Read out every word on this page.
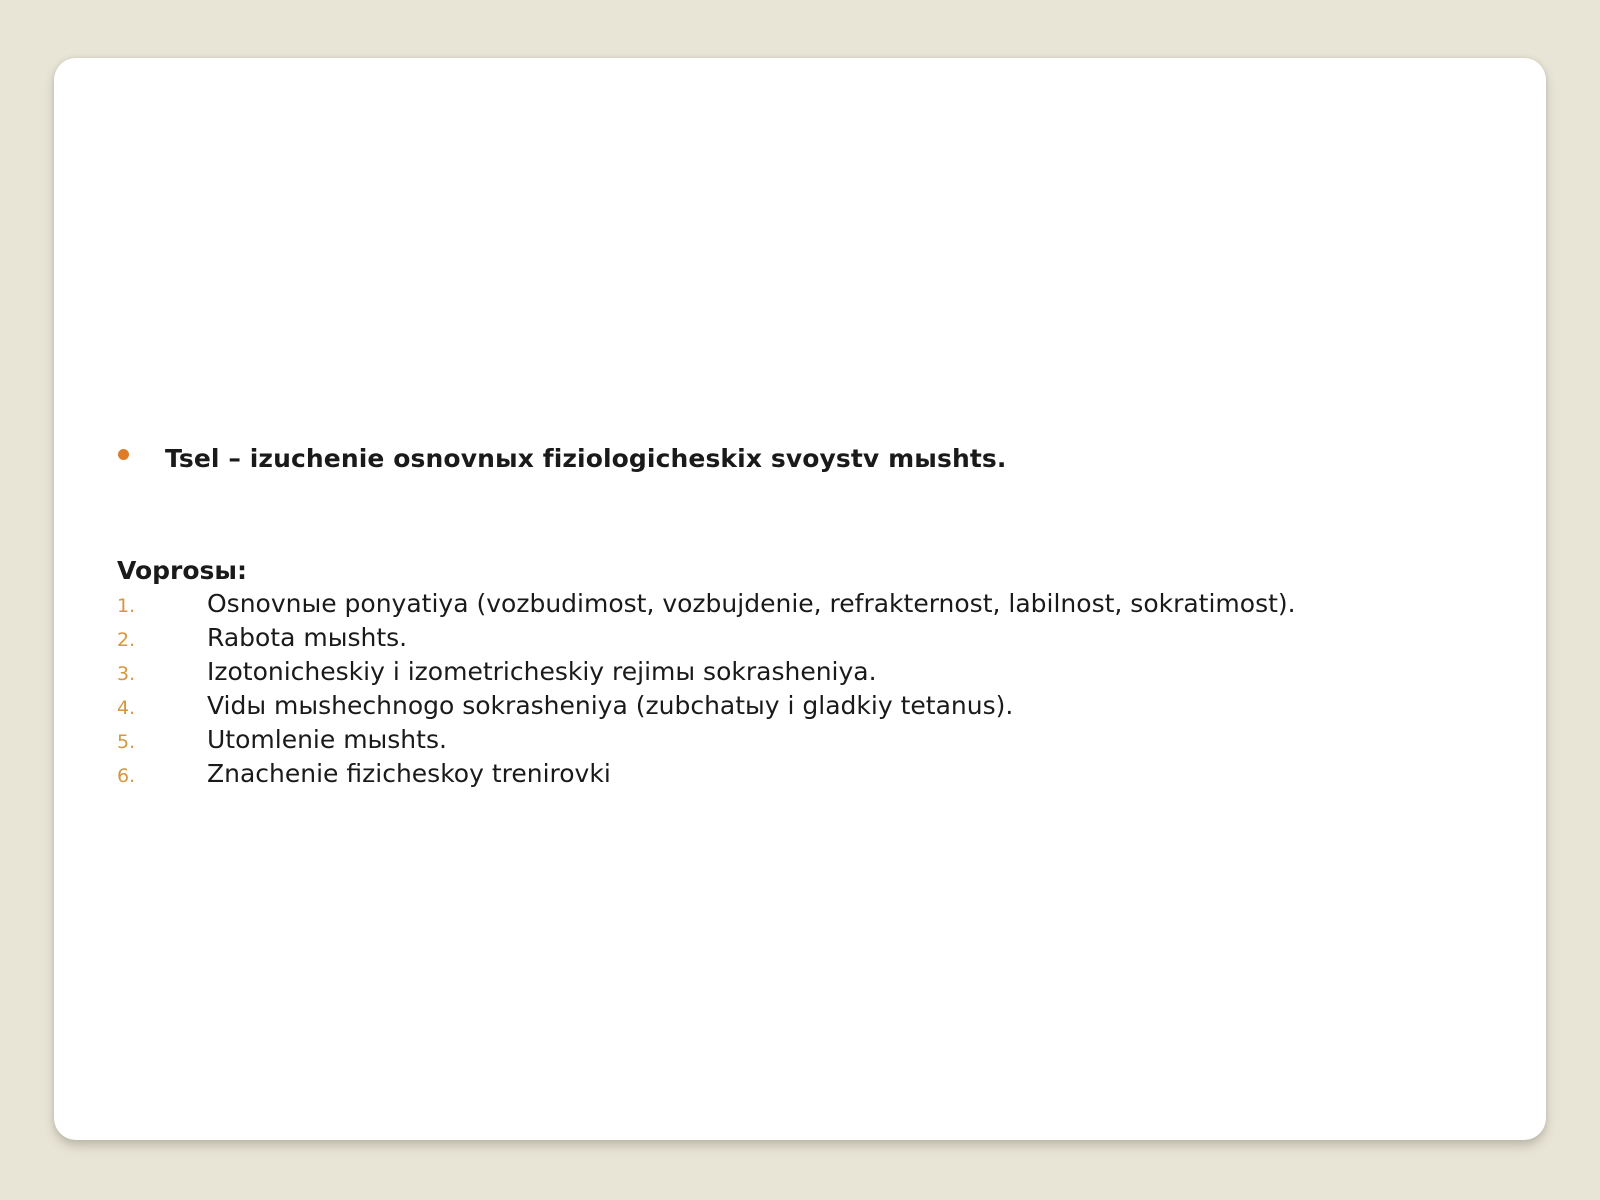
Tsel – izuchenie osnovnых fiziologicheskix svoystv mыshts.
Voprosы:
1.	Osnovnыe ponyatiya (vozbudimost, vozbujdenie, refrakternost, labilnost, sokratimost).
2.	Rabota mыshts.
3.	Izotonicheskiy i izometricheskiy rejimы sokrasheniya.
4.	Vidы mыshechnogo sokrasheniya (zubchatыy i gladkiy tetanus).
5.	Utomlenie mыshts.
6.	Znachenie fizicheskoy trenirovki
